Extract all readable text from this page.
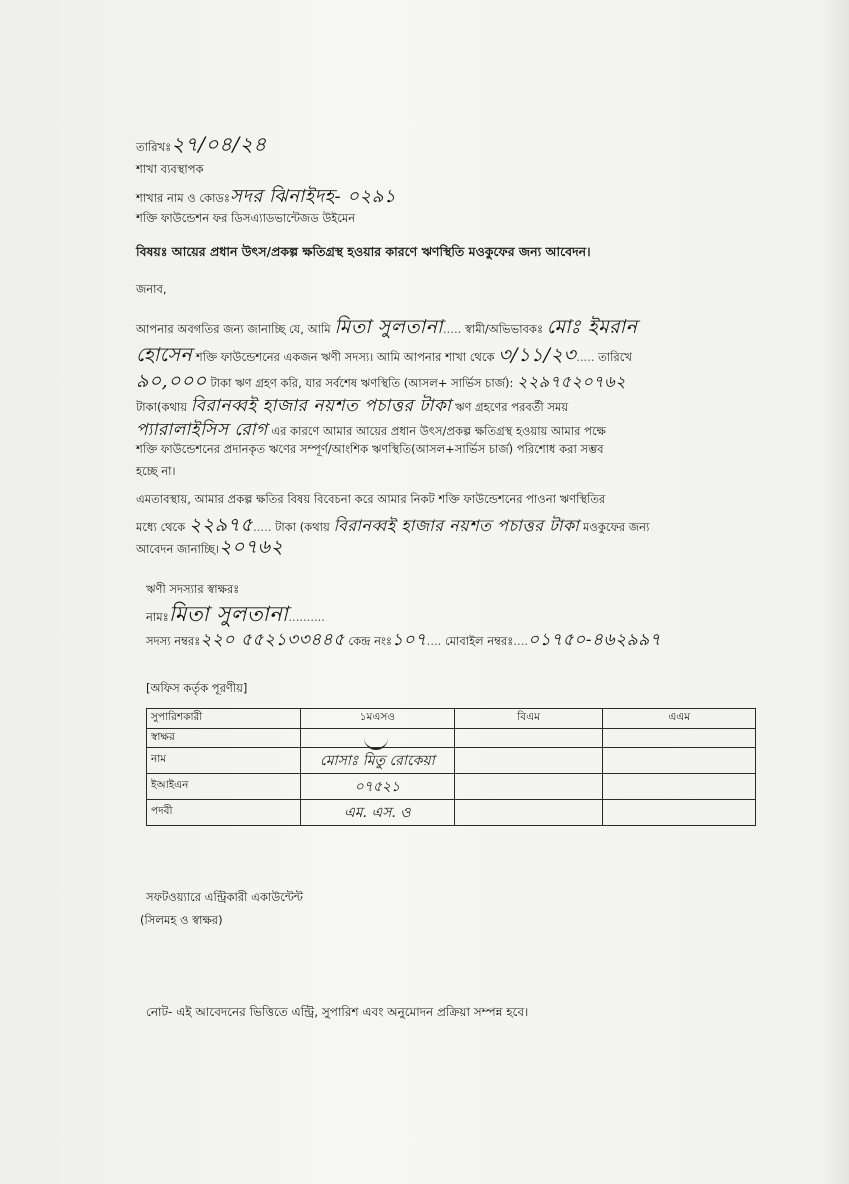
তারিখঃ২৭/০৪/২৪
শাখা ব্যবস্থাপক
শাখার নাম ও কোডঃসদর ঝিনাইদহ- ০২৯১
শক্তি ফাউন্ডেশন ফর ডিসএ্যাডভান্টেজড উইমেন
বিষয়ঃ আয়ের প্রধান উৎস/প্রকল্প ক্ষতিগ্রস্থ হওয়ার কারণে ঋণস্থিতি মওকুফের জন্য আবেদন।
জনাব,
আপনার অবগতির জন্য জানাচ্ছি যে, আমি মিতা সুলতানা..... স্বামী/অভিভাবকঃ মোঃ ইমরান
হোসেন শক্তি ফাউন্ডেশনের একজন ঋণী সদস্য। আমি আপনার শাখা থেকে ৩/১১/২৩..... তারিখে
৯০,০০০ টাকা ঋণ গ্রহণ করি, যার সর্বশেষ ঋণস্থিতি (আসল+ সার্ভিস চার্জ): ২২৯৭৫২০৭৬২
টাকা(কথায় বিরানব্বই হাজার নয়শত পচাত্তর টাকা ঋণ গ্রহণের পরবর্তী সময়
প্যারালাইসিস রোগ এর কারণে আমার আয়ের প্রধান উৎস/প্রকল্প ক্ষতিগ্রস্থ হওয়ায় আমার পক্ষে
শক্তি ফাউন্ডেশনের প্রদানকৃত ঋণের সম্পূর্ণ/আংশিক ঋণস্থিতি(আসল+সার্ভিস চার্জ) পরিশোধ করা সম্ভব
হচ্ছে না।
এমতাবস্থায়, আমার প্রকল্প ক্ষতির বিষয় বিবেচনা করে আমার নিকট শক্তি ফাউন্ডেশনের পাওনা ঋণস্থিতির
মধ্যে থেকে ২২৯৭৫..... টাকা (কথায় বিরানব্বই হাজার নয়শত পচাত্তর টাকা মওকুফের জন্য
আবেদন জানাচ্ছি।২০৭৬২
ঋণী সদস্যার স্বাক্ষরঃ
নামঃমিতা সুলতানা..........
সদস্য নম্বরঃ২২০ ৫৫২১৩৩৪৪৫ কেন্দ্র নংঃ১০৭.... মোবাইল নম্বরঃ....০১৭৫০-৪৬২৯৯৭
[অফিস কর্তৃক পূরণীয়]
সুপারিশকারী	১মএসও	বিএম	এএম
স্বাক্ষর			
নাম	মোসাঃ মিতু রোকেয়া		
ইআইএন	০৭৫২১		
পদবী	এম. এস. ও		
সফটওয়্যারে এন্ট্রিকারী একাউন্টেন্ট
(সিলমহ ও স্বাক্ষর)
নোট- এই আবেদনের ভিত্তিতে এন্ট্রি, সুপারিশ এবং অনুমোদন প্রক্রিয়া সম্পন্ন হবে।
